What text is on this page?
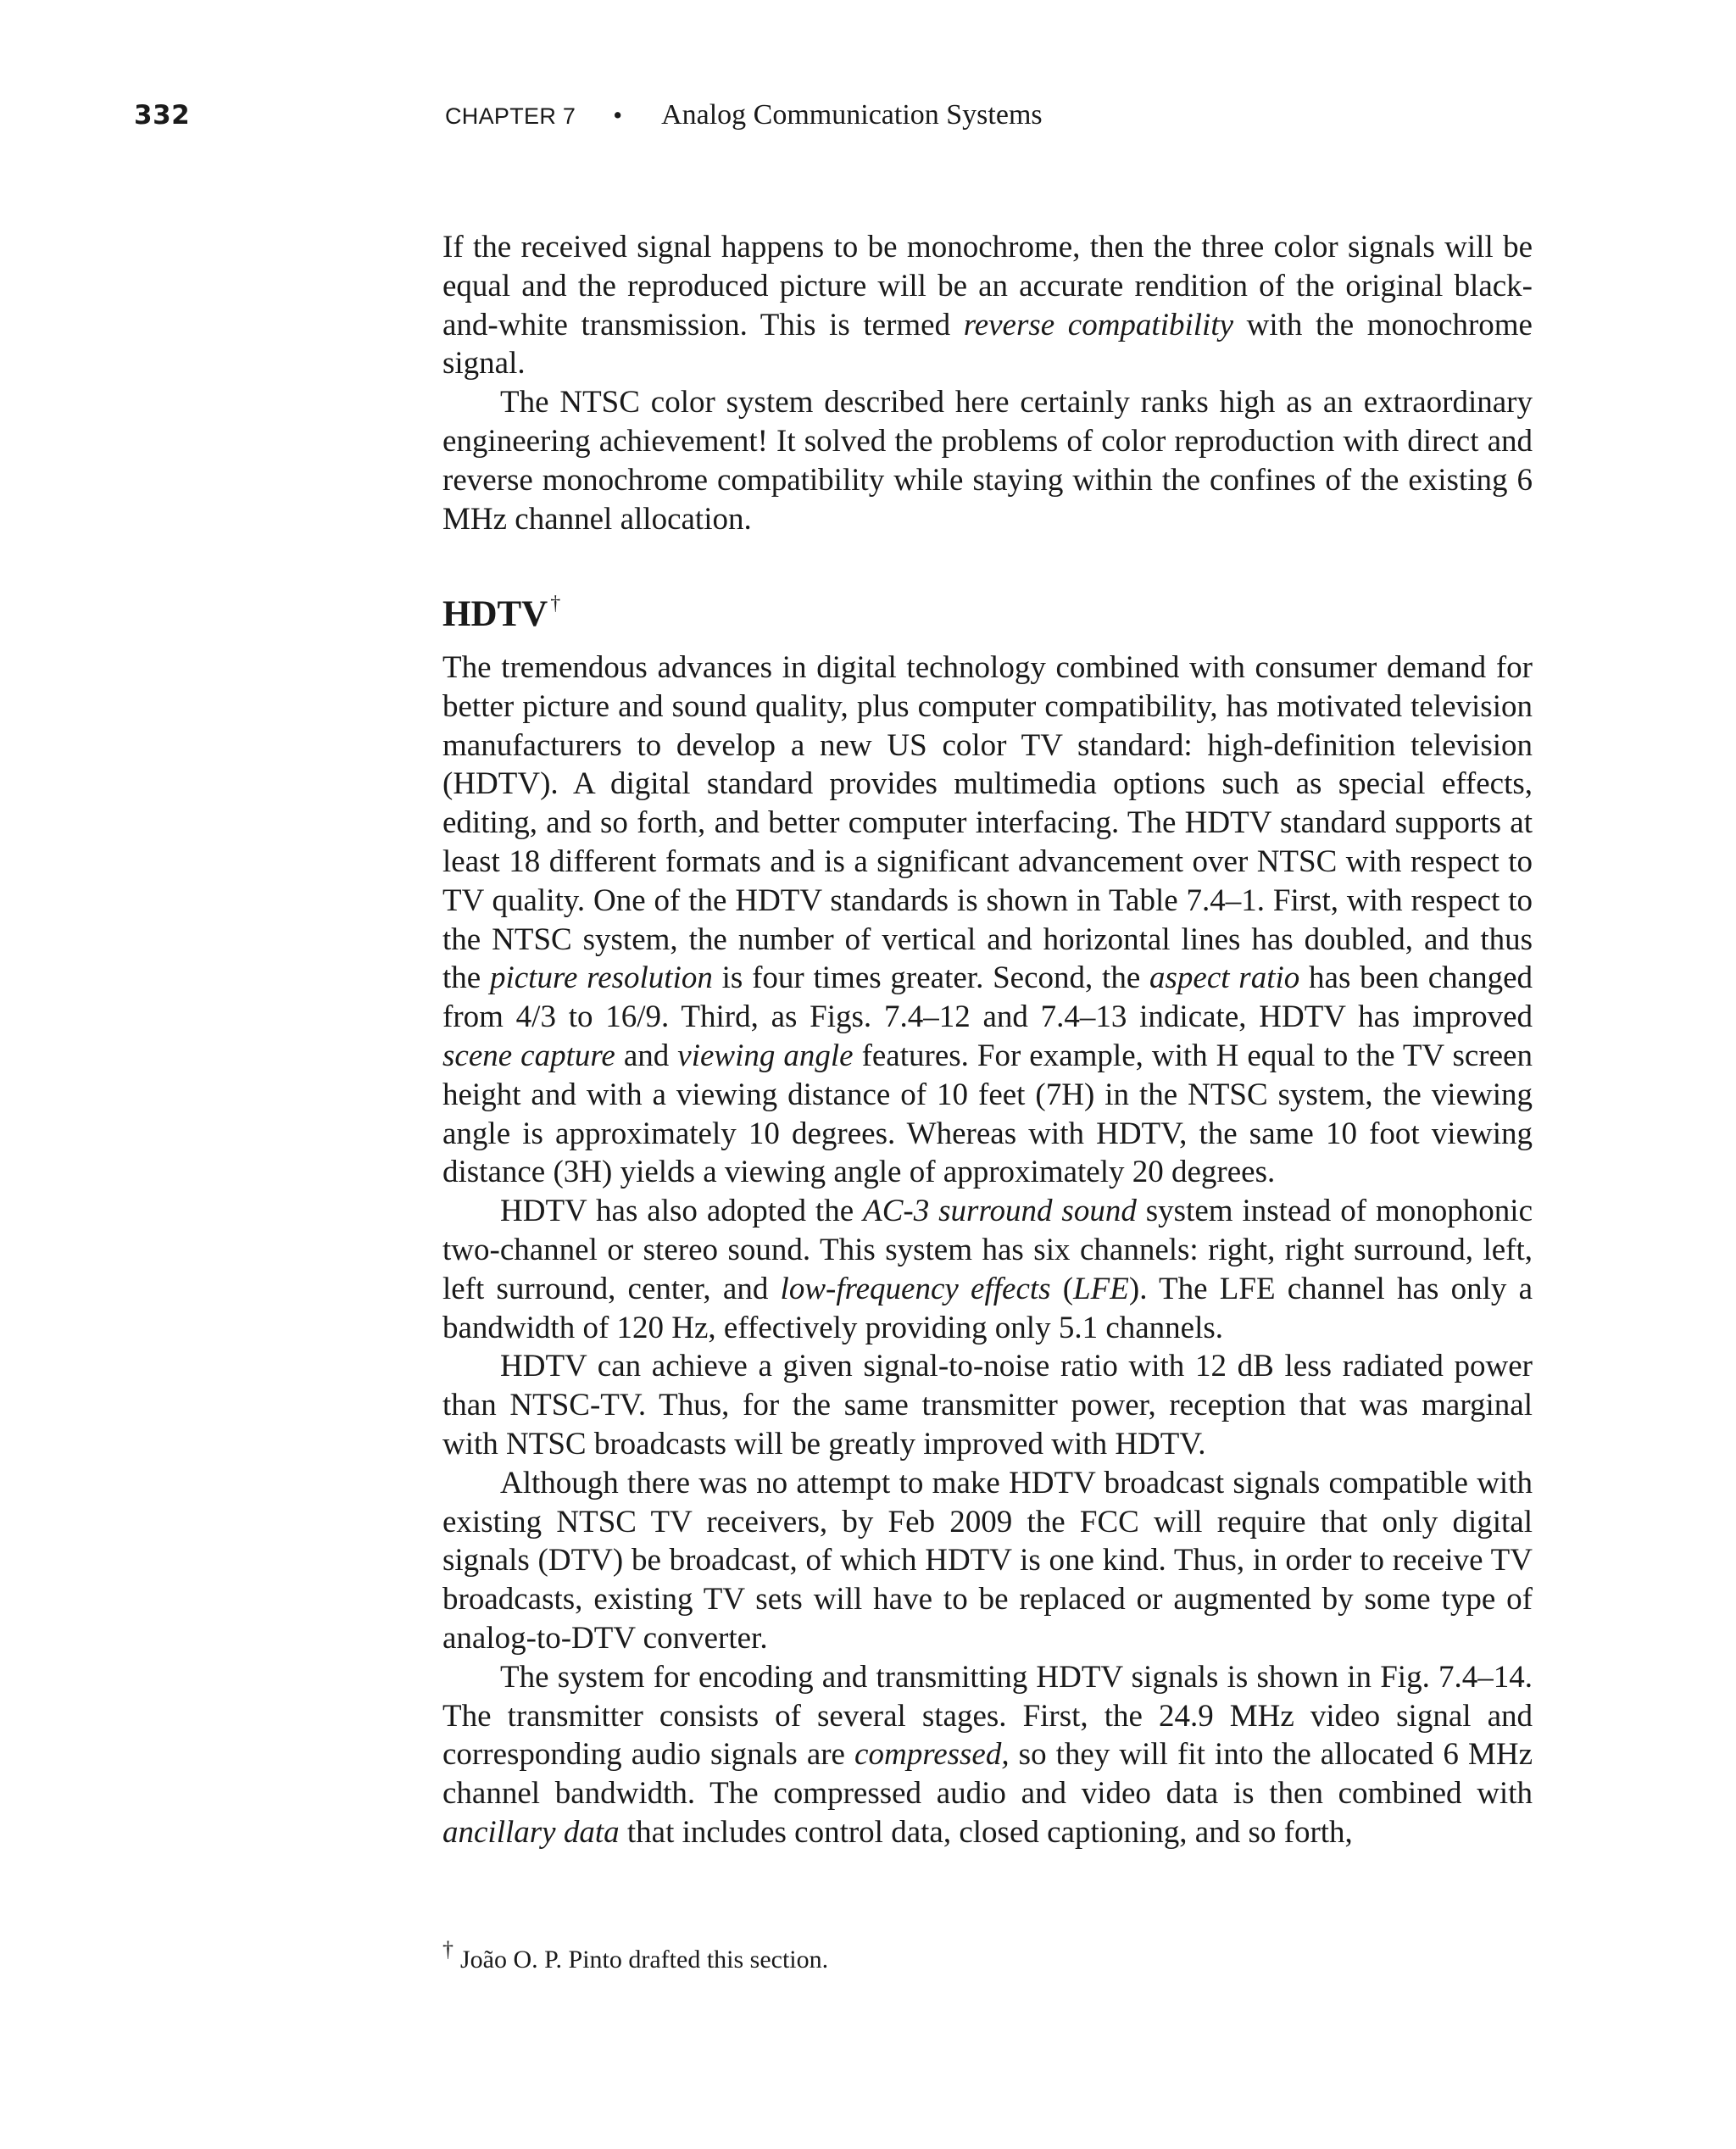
332	CHAPTER 7 • Analog Communication Systems

If the received signal happens to be monochrome, then the three color signals will be equal and the reproduced picture will be an accurate rendition of the original black-and-white transmission. This is termed reverse compatibility with the monochrome signal.

The NTSC color system described here certainly ranks high as an extraordinary engineering achievement! It solved the problems of color reproduction with direct and reverse monochrome compatibility while staying within the confines of the existing 6 MHz channel allocation.

HDTV †

The tremendous advances in digital technology combined with consumer demand for better picture and sound quality, plus computer compatibility, has motivated television manufacturers to develop a new US color TV standard: high-definition television (HDTV). A digital standard provides multimedia options such as special effects, editing, and so forth, and better computer interfacing. The HDTV standard supports at least 18 different formats and is a significant advancement over NTSC with respect to TV quality. One of the HDTV standards is shown in Table 7.4–1. First, with respect to the NTSC system, the number of vertical and horizontal lines has doubled, and thus the picture resolution is four times greater. Second, the aspect ratio has been changed from 4/3 to 16/9. Third, as Figs. 7.4–12 and 7.4–13 indicate, HDTV has improved scene capture and viewing angle features. For example, with H equal to the TV screen height and with a viewing distance of 10 feet (7H) in the NTSC system, the viewing angle is approximately 10 degrees. Whereas with HDTV, the same 10 foot viewing distance (3H) yields a viewing angle of approximately 20 degrees.

HDTV has also adopted the AC-3 surround sound system instead of monophonic two-channel or stereo sound. This system has six channels: right, right surround, left, left surround, center, and low-frequency effects (LFE). The LFE channel has only a bandwidth of 120 Hz, effectively providing only 5.1 channels.

HDTV can achieve a given signal-to-noise ratio with 12 dB less radiated power than NTSC-TV. Thus, for the same transmitter power, reception that was marginal with NTSC broadcasts will be greatly improved with HDTV.

Although there was no attempt to make HDTV broadcast signals compatible with existing NTSC TV receivers, by Feb 2009 the FCC will require that only digital signals (DTV) be broadcast, of which HDTV is one kind. Thus, in order to receive TV broadcasts, existing TV sets will have to be replaced or augmented by some type of analog-to-DTV converter.

The system for encoding and transmitting HDTV signals is shown in Fig. 7.4–14. The transmitter consists of several stages. First, the 24.9 MHz video signal and corresponding audio signals are compressed, so they will fit into the allocated 6 MHz channel bandwidth. The compressed audio and video data is then combined with ancillary data that includes control data, closed captioning, and so forth,

† João O. P. Pinto drafted this section.
